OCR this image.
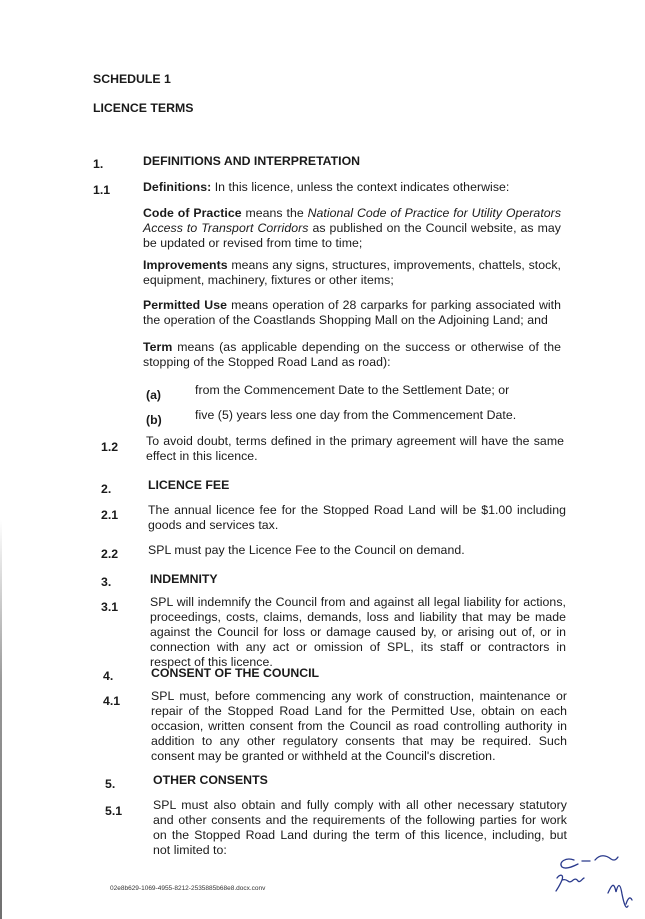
SCHEDULE 1
LICENCE TERMS
1.	DEFINITIONS AND INTERPRETATION
1.1	Definitions: In this licence, unless the context indicates otherwise:
Code of Practice means the National Code of Practice for Utility Operators Access to Transport Corridors as published on the Council website, as may be updated or revised from time to time;
Improvements means any signs, structures, improvements, chattels, stock, equipment, machinery, fixtures or other items;
Permitted Use means operation of 28 carparks for parking associated with the operation of the Coastlands Shopping Mall on the Adjoining Land; and
Term means (as applicable depending on the success or otherwise of the stopping of the Stopped Road Land as road):
(a)	from the Commencement Date to the Settlement Date; or
(b)	five (5) years less one day from the Commencement Date.
1.2 To avoid doubt, terms defined in the primary agreement will have the same effect in this licence.
2.	LICENCE FEE
2.1 The annual licence fee for the Stopped Road Land will be $1.00 including goods and services tax.
2.2 SPL must pay the Licence Fee to the Council on demand.
3.	INDEMNITY
3.1	SPL will indemnify the Council from and against all legal liability for actions, proceedings, costs, claims, demands, loss and liability that may be made against the Council for loss or damage caused by, or arising out of, or in connection with any act or omission of SPL, its staff or contractors in respect of this licence.
4.	CONSENT OF THE COUNCIL
4.1	SPL must, before commencing any work of construction, maintenance or repair of the Stopped Road Land for the Permitted Use, obtain on each occasion, written consent from the Council as road controlling authority in addition to any other regulatory consents that may be required. Such consent may be granted or withheld at the Council's discretion.
5.	OTHER CONSENTS
5.1	SPL must also obtain and fully comply with all other necessary statutory and other consents and the requirements of the following parties for work on the Stopped Road Land during the term of this licence, including, but not limited to:
02e8b629-1069-4955-8212-2535885b68e8.docx.conv
